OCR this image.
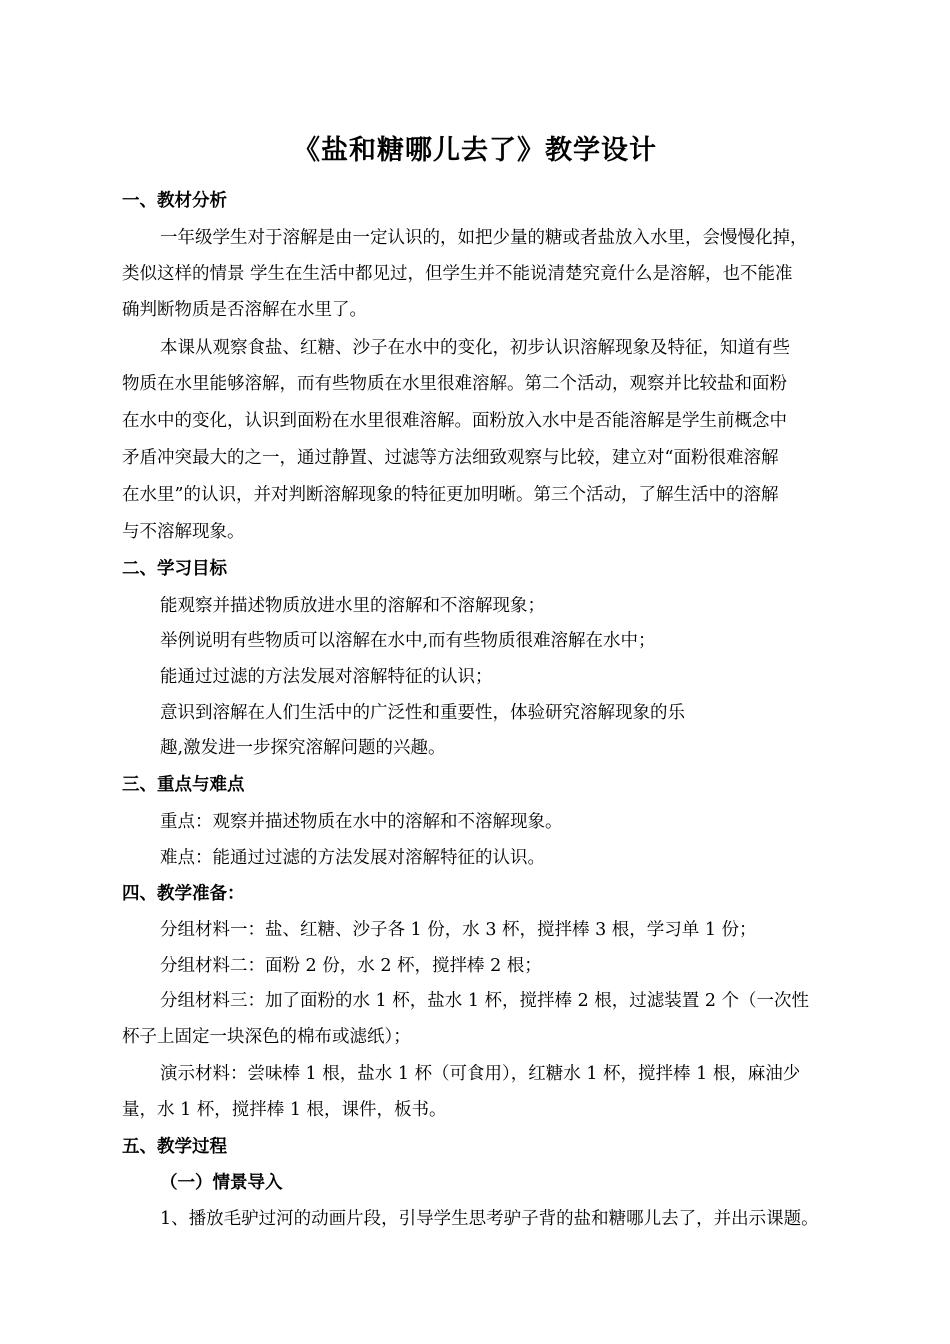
《盐和糖哪儿去了》教学设计
一、教材分析
一年级学生对于溶解是由一定认识的，如把少量的糖或者盐放入水里，会慢慢化掉，
类似这样的情景 学生在生活中都见过，但学生并不能说清楚究竟什么是溶解，也不能准
确判断物质是否溶解在水里了。
本课从观察食盐、红糖、沙子在水中的变化，初步认识溶解现象及特征，知道有些
物质在水里能够溶解，而有些物质在水里很难溶解。第二个活动，观察并比较盐和面粉
在水中的变化，认识到面粉在水里很难溶解。面粉放入水中是否能溶解是学生前概念中
矛盾冲突最大的之一，通过静置、过滤等方法细致观察与比较，建立对“面粉很难溶解
在水里”的认识，并对判断溶解现象的特征更加明晰。第三个活动，了解生活中的溶解
与不溶解现象。
二、学习目标
能观察并描述物质放进水里的溶解和不溶解现象；
举例说明有些物质可以溶解在水中,而有些物质很难溶解在水中；
能通过过滤的方法发展对溶解特征的认识；
意识到溶解在人们生活中的广泛性和重要性，体验研究溶解现象的乐
趣,激发进一步探究溶解问题的兴趣。
三、重点与难点
重点：观察并描述物质在水中的溶解和不溶解现象。
难点：能通过过滤的方法发展对溶解特征的认识。
四、教学准备：
分组材料一：盐、红糖、沙子各 1 份，水 3 杯，搅拌棒 3 根，学习单 1 份；
分组材料二：面粉 2 份，水 2 杯，搅拌棒 2 根；
分组材料三：加了面粉的水 1 杯，盐水 1 杯，搅拌棒 2 根，过滤装置 2 个（一次性
杯子上固定一块深色的棉布或滤纸）；
演示材料：尝味棒 1 根，盐水 1 杯（可食用），红糖水 1 杯，搅拌棒 1 根，麻油少
量，水 1 杯，搅拌棒 1 根，课件，板书。
五、教学过程
（一）情景导入
1、播放毛驴过河的动画片段，引导学生思考驴子背的盐和糖哪儿去了，并出示课题。
